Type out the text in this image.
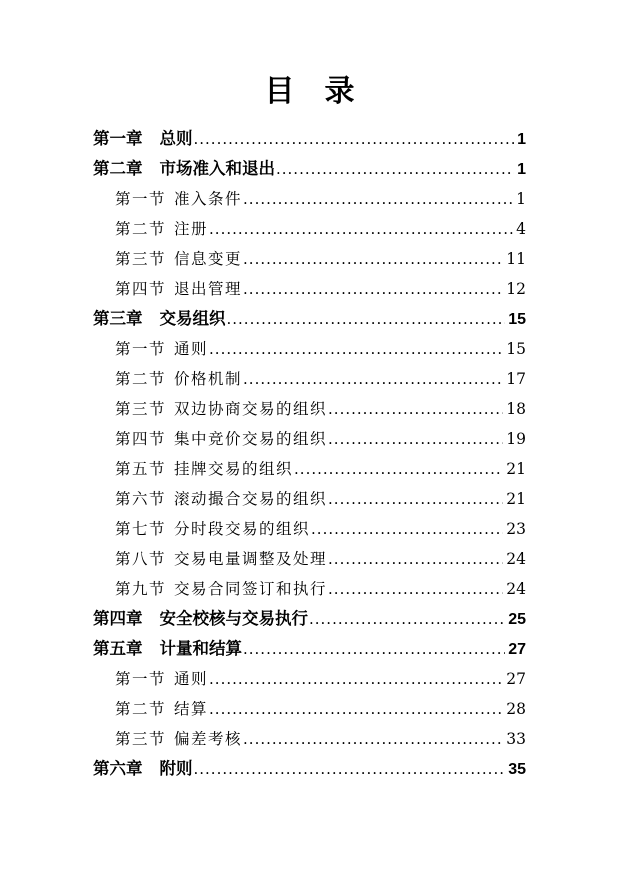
目　录
第一章 总则 .....	1
第二章 市场准入和退出 .....	1
第一节 准入条件 .....	1
第二节 注册 .....	4
第三节 信息变更 .....	11
第四节 退出管理 .....	12
第三章 交易组织 .....	15
第一节 通则 .....	15
第二节 价格机制 .....	17
第三节 双边协商交易的组织 .....	18
第四节 集中竞价交易的组织 .....	19
第五节 挂牌交易的组织 .....	21
第六节 滚动撮合交易的组织 .....	21
第七节 分时段交易的组织 .....	23
第八节 交易电量调整及处理 .....	24
第九节 交易合同签订和执行 .....	24
第四章 安全校核与交易执行 .....	25
第五章 计量和结算 .....	27
第一节 通则 .....	27
第二节 结算 .....	28
第三节 偏差考核 .....	33
第六章 附则 .....	35
